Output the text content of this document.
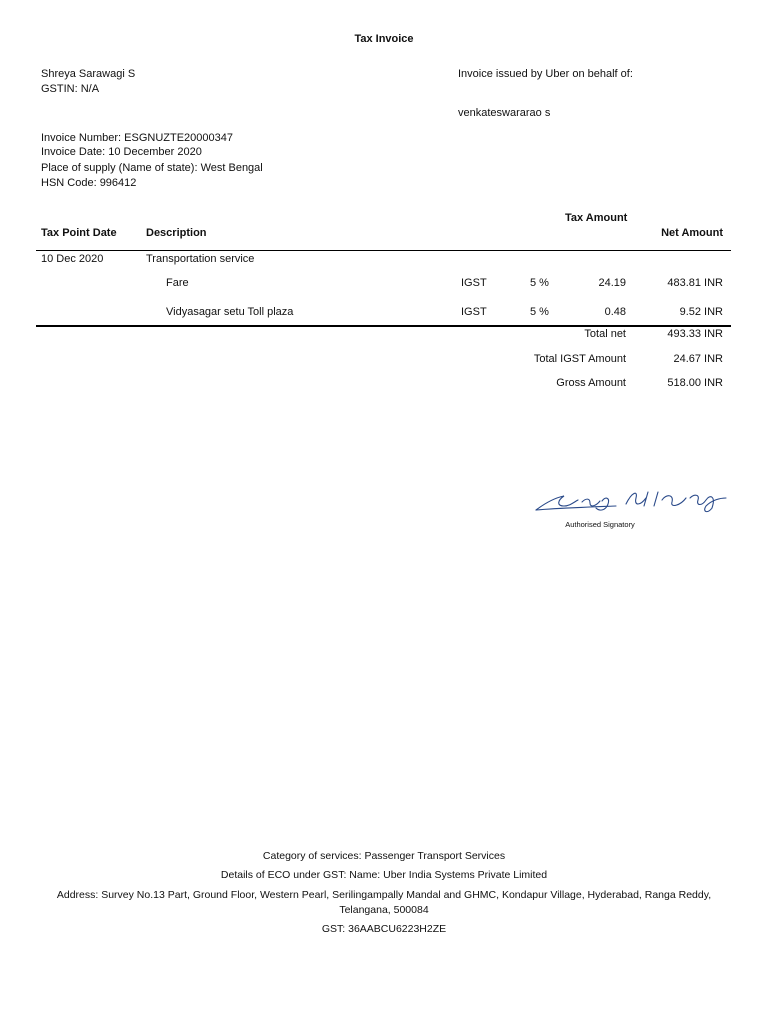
Tax Invoice
Shreya Sarawagi S
GSTIN: N/A
Invoice issued by Uber on behalf of:
venkateswararao s
Invoice Number: ESGNUZTE20000347
Invoice Date: 10 December 2020
Place of supply (Name of state): West Bengal
HSN Code: 996412
Tax Amount
Tax Point Date	Description	Net Amount
10 Dec 2020	Transportation service
Fare	IGST	5 %	24.19	483.81 INR
Vidyasagar setu Toll plaza	IGST	5 %	0.48	9.52 INR
Total net	493.33 INR
Total IGST Amount	24.67 INR
Gross Amount	518.00 INR
Authorised Signatory
Category of services: Passenger Transport Services
Details of ECO under GST: Name: Uber India Systems Private Limited
Address: Survey No.13 Part, Ground Floor, Western Pearl, Serilingampally Mandal and GHMC, Kondapur Village, Hyderabad, Ranga Reddy,
Telangana, 500084
GST: 36AABCU6223H2ZE
